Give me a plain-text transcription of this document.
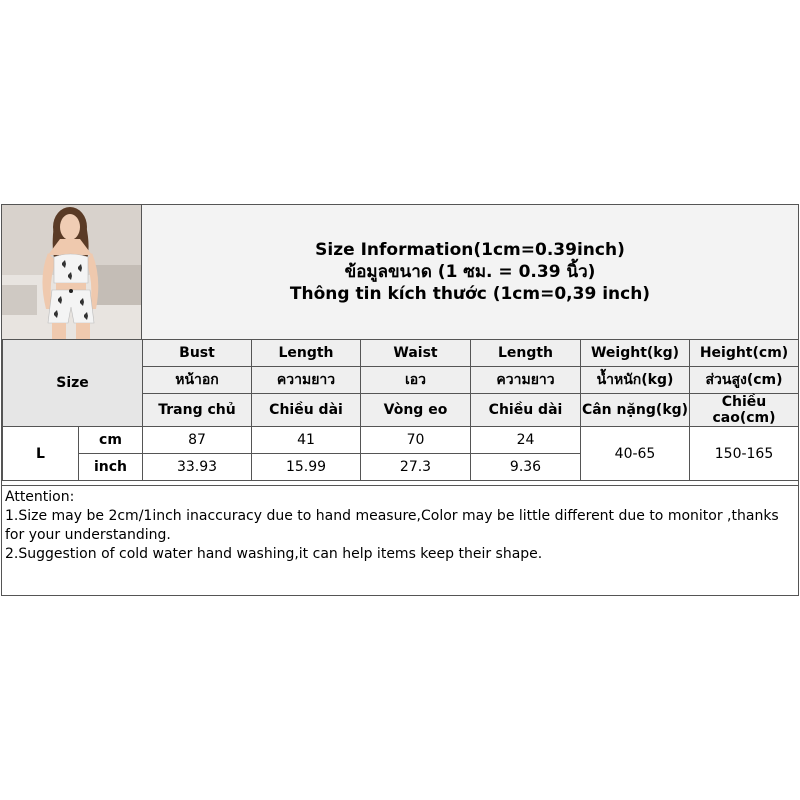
Size Information(1cm=0.39inch)
ข้อมูลขนาด (1 ซม. = 0.39 นิ้ว)
Thông tin kích thước (1cm=0,39 inch)
Size		Bust	Length	Waist	Length	Weight(kg)	Height(cm)
		หน้าอก	ความยาว	เอว	ความยาว	น้ำหนัก(kg)	ส่วนสูง(cm)
		Trang chủ	Chiều dài	Vòng eo	Chiều dài	Cân nặng(kg)	Chiều cao(cm)
L	cm	87	41	70	24	40-65	150-165
	inch	33.93	15.99	27.3	9.36		
Attention:
1.Size may be 2cm/1inch inaccuracy due to hand measure,Color may be little different due to monitor ,thanks for your understanding.
2.Suggestion of cold water hand washing,it can help items keep their shape.
